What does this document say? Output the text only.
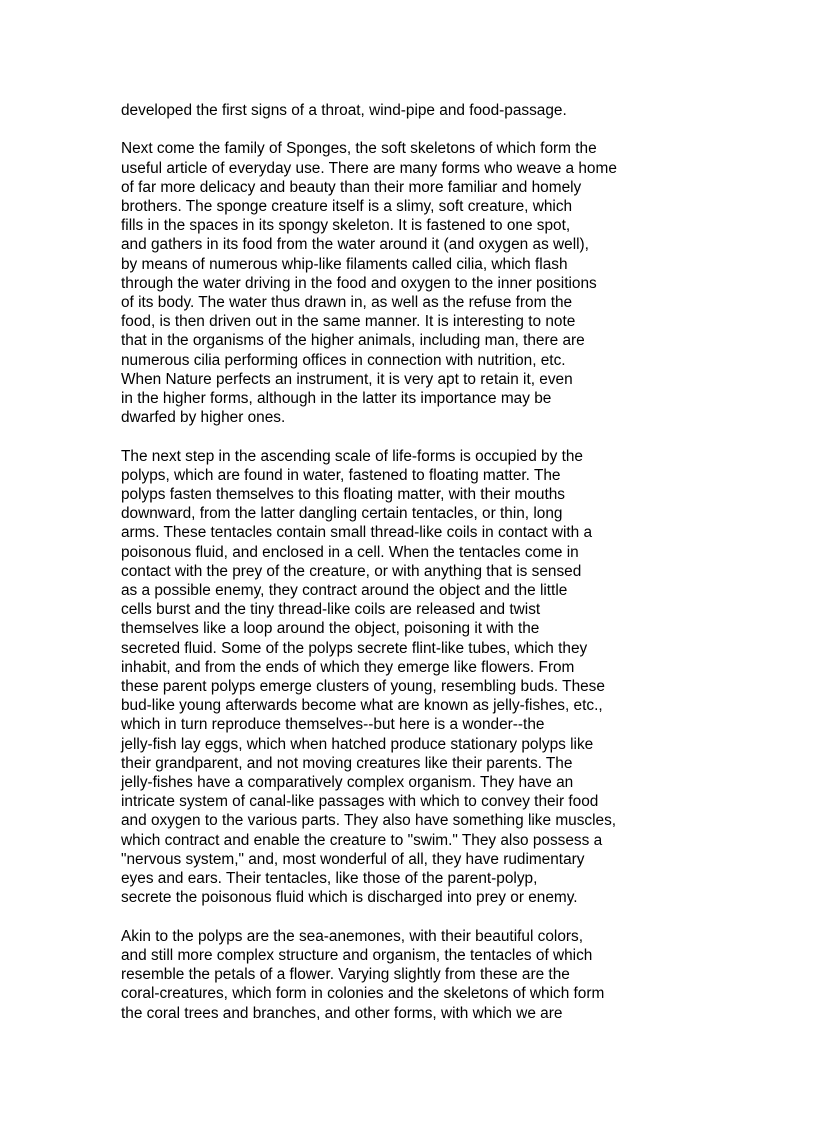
developed the first signs of a throat, wind-pipe and food-passage.

Next come the family of Sponges, the soft skeletons of which form the
useful article of everyday use. There are many forms who weave a home
of far more delicacy and beauty than their more familiar and homely
brothers. The sponge creature itself is a slimy, soft creature, which
fills in the spaces in its spongy skeleton. It is fastened to one spot,
and gathers in its food from the water around it (and oxygen as well),
by means of numerous whip-like filaments called cilia, which flash
through the water driving in the food and oxygen to the inner positions
of its body. The water thus drawn in, as well as the refuse from the
food, is then driven out in the same manner. It is interesting to note
that in the organisms of the higher animals, including man, there are
numerous cilia performing offices in connection with nutrition, etc.
When Nature perfects an instrument, it is very apt to retain it, even
in the higher forms, although in the latter its importance may be
dwarfed by higher ones.

The next step in the ascending scale of life-forms is occupied by the
polyps, which are found in water, fastened to floating matter. The
polyps fasten themselves to this floating matter, with their mouths
downward, from the latter dangling certain tentacles, or thin, long
arms. These tentacles contain small thread-like coils in contact with a
poisonous fluid, and enclosed in a cell. When the tentacles come in
contact with the prey of the creature, or with anything that is sensed
as a possible enemy, they contract around the object and the little
cells burst and the tiny thread-like coils are released and twist
themselves like a loop around the object, poisoning it with the
secreted fluid. Some of the polyps secrete flint-like tubes, which they
inhabit, and from the ends of which they emerge like flowers. From
these parent polyps emerge clusters of young, resembling buds. These
bud-like young afterwards become what are known as jelly-fishes, etc.,
which in turn reproduce themselves--but here is a wonder--the
jelly-fish lay eggs, which when hatched produce stationary polyps like
their grandparent, and not moving creatures like their parents. The
jelly-fishes have a comparatively complex organism. They have an
intricate system of canal-like passages with which to convey their food
and oxygen to the various parts. They also have something like muscles,
which contract and enable the creature to "swim." They also possess a
"nervous system," and, most wonderful of all, they have rudimentary
eyes and ears. Their tentacles, like those of the parent-polyp,
secrete the poisonous fluid which is discharged into prey or enemy.

Akin to the polyps are the sea-anemones, with their beautiful colors,
and still more complex structure and organism, the tentacles of which
resemble the petals of a flower. Varying slightly from these are the
coral-creatures, which form in colonies and the skeletons of which form
the coral trees and branches, and other forms, with which we are
